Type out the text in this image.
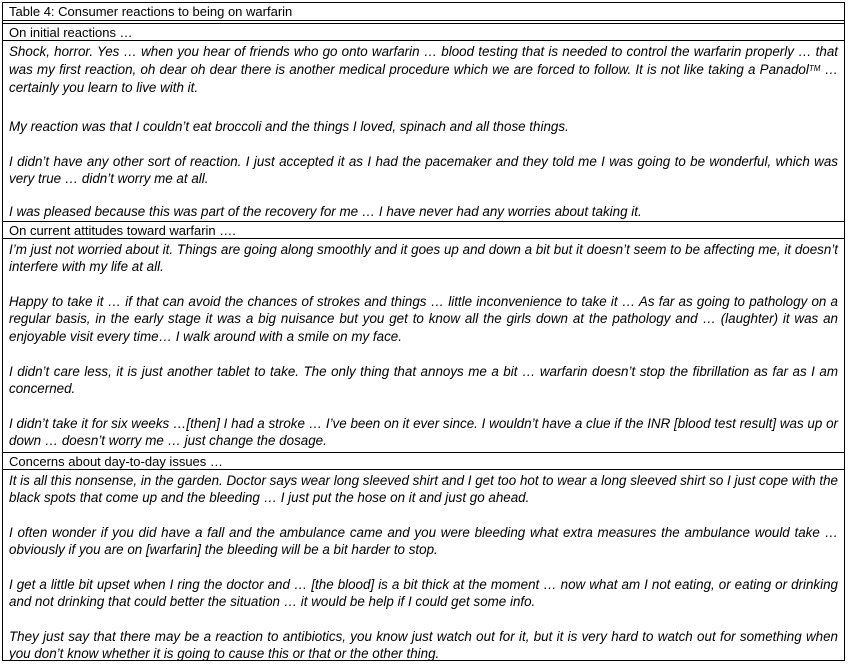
Table 4: Consumer reactions to being on warfarin
On initial reactions …

Shock, horror. Yes … when you hear of friends who go onto warfarin … blood testing that is needed to control the warfarin properly … that was my first reaction, oh dear oh dear there is another medical procedure which we are forced to follow. It is not like taking a Panadol™ … certainly you learn to live with it.

My reaction was that I couldn’t eat broccoli and the things I loved, spinach and all those things.

I didn’t have any other sort of reaction. I just accepted it as I had the pacemaker and they told me I was going to be wonderful, which was very true … didn’t worry me at all.

I was pleased because this was part of the recovery for me … I have never had any worries about taking it.

On current attitudes toward warfarin ….

I’m just not worried about it. Things are going along smoothly and it goes up and down a bit but it doesn’t seem to be affecting me, it doesn’t interfere with my life at all.

Happy to take it … if that can avoid the chances of strokes and things … little inconvenience to take it … As far as going to pathology on a regular basis, in the early stage it was a big nuisance but you get to know all the girls down at the pathology and … (laughter) it was an enjoyable visit every time… I walk around with a smile on my face.

I didn’t care less, it is just another tablet to take. The only thing that annoys me a bit … warfarin doesn’t stop the fibrillation as far as I am concerned.

I didn’t take it for six weeks …[then] I had a stroke … I’ve been on it ever since. I wouldn’t have a clue if the INR [blood test result] was up or down … doesn’t worry me … just change the dosage.

Concerns about day-to-day issues …

It is all this nonsense, in the garden. Doctor says wear long sleeved shirt and I get too hot to wear a long sleeved shirt so I just cope with the black spots that come up and the bleeding … I just put the hose on it and just go ahead.

I often wonder if you did have a fall and the ambulance came and you were bleeding what extra measures the ambulance would take … obviously if you are on [warfarin] the bleeding will be a bit harder to stop.

I get a little bit upset when I ring the doctor and … [the blood] is a bit thick at the moment … now what am I not eating, or eating or drinking and not drinking that could better the situation … it would be help if I could get some info.

They just say that there may be a reaction to antibiotics, you know just watch out for it, but it is very hard to watch out for something when you don’t know whether it is going to cause this or that or the other thing.
